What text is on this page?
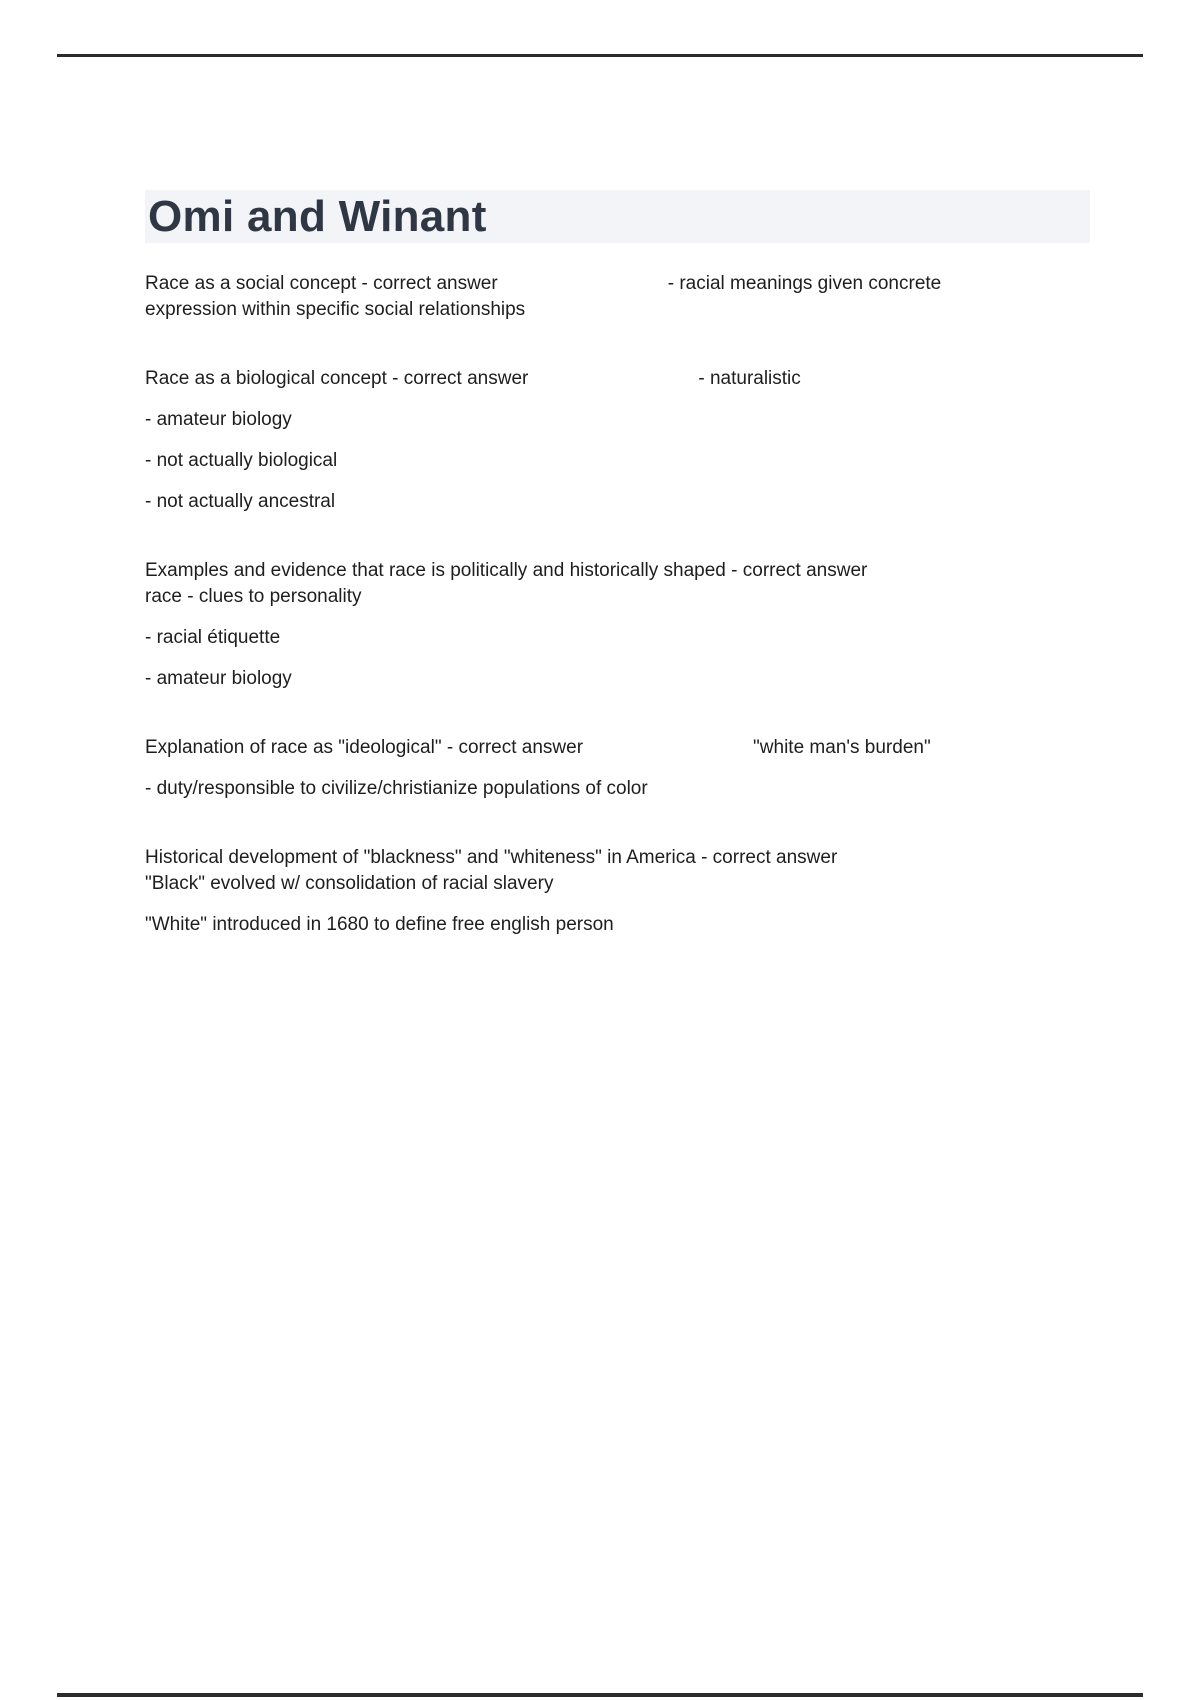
Omi and Winant

Race as a social concept - correct answer	- racial meanings given concrete
expression within specific social relationships

Race as a biological concept - correct answer	- naturalistic

- amateur biology

- not actually biological

- not actually ancestral

Examples and evidence that race is politically and historically shaped - correct answer
race - clues to personality

- racial étiquette

- amateur biology

Explanation of race as "ideological" - correct answer	"white man's burden"

- duty/responsible to civilize/christianize populations of color

Historical development of "blackness" and "whiteness" in America - correct answer
"Black" evolved w/ consolidation of racial slavery

"White" introduced in 1680 to define free english person
